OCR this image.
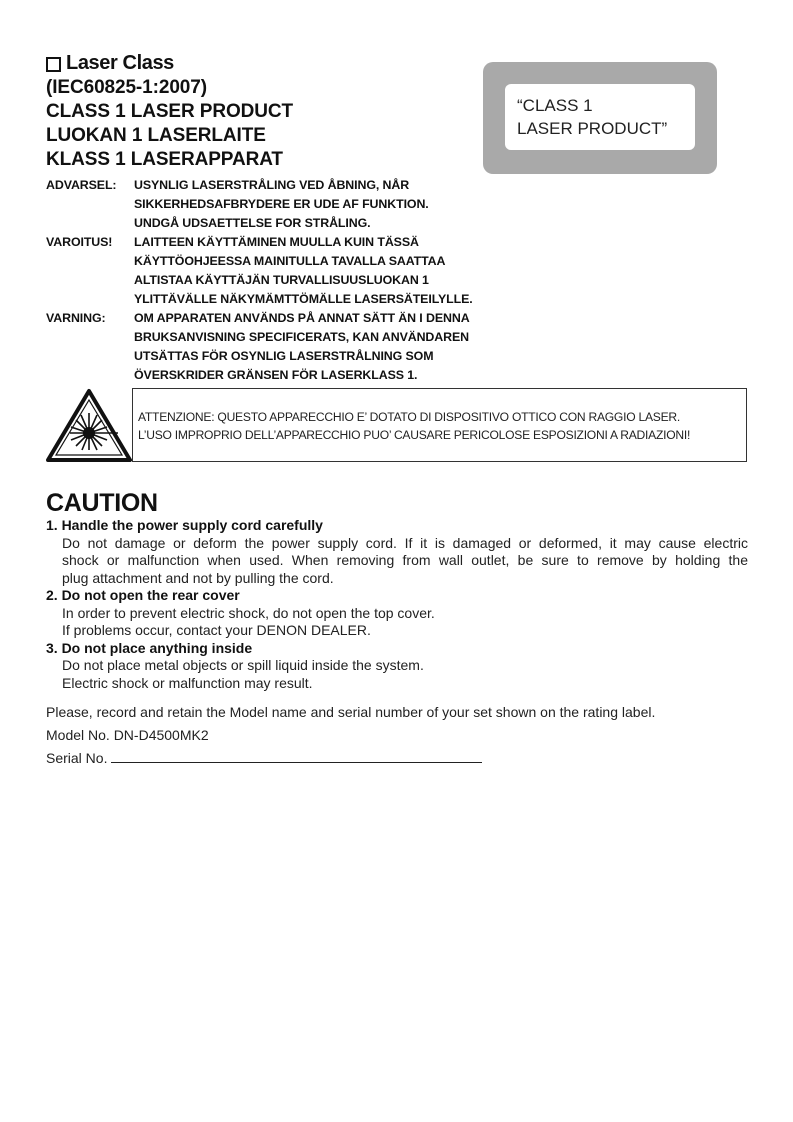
Laser Class
(IEC60825-1:2007)
CLASS 1 LASER PRODUCT
LUOKAN 1 LASERLAITE
KLASS 1 LASERAPPARAT
“CLASS 1
LASER PRODUCT”
ADVARSEL:	USYNLIG LASERSTRÅLING VED ÅBNING, NÅR
SIKKERHEDSAFBRYDERE ER UDE AF FUNKTION.
UNDGÅ UDSAETTELSE FOR STRÅLING.
VAROITUS!	LAITTEEN KÄYTTÄMINEN MUULLA KUIN TÄSSÄ
KÄYTTÖOHJEESSA MAINITULLA TAVALLA SAATTAA
ALTISTAA KÄYTTÄJÄN TURVALLISUUSLUOKAN 1
YLITTÄVÄLLE NÄKYMÄMTTÖMÄLLE LASERSÄTEILYLLE.
VARNING:	OM APPARATEN ANVÄNDS PÅ ANNAT SÄTT ÄN I DENNA
BRUKSANVISNING SPECIFICERATS, KAN ANVÄNDAREN
UTSÄTTAS FÖR OSYNLIG LASERSTRÅLNING SOM
ÖVERSKRIDER GRÄNSEN FÖR LASERKLASS 1.
ATTENZIONE: QUESTO APPARECCHIO E’ DOTATO DI DISPOSITIVO OTTICO CON RAGGIO LASER.
L’USO IMPROPRIO DELL’APPARECCHIO PUO’ CAUSARE PERICOLOSE ESPOSIZIONI A RADIAZIONI!
CAUTION
1. Handle the power supply cord carefully
Do not damage or deform the power supply cord. If it is damaged or deformed, it may cause electric
shock or malfunction when used. When removing from wall outlet, be sure to remove by holding the
plug attachment and not by pulling the cord.
2. Do not open the rear cover
In order to prevent electric shock, do not open the top cover.
If problems occur, contact your DENON DEALER.
3. Do not place anything inside
Do not place metal objects or spill liquid inside the system.
Electric shock or malfunction may result.
Please, record and retain the Model name and serial number of your set shown on the rating label.
Model No. DN-D4500MK2
Serial No.
